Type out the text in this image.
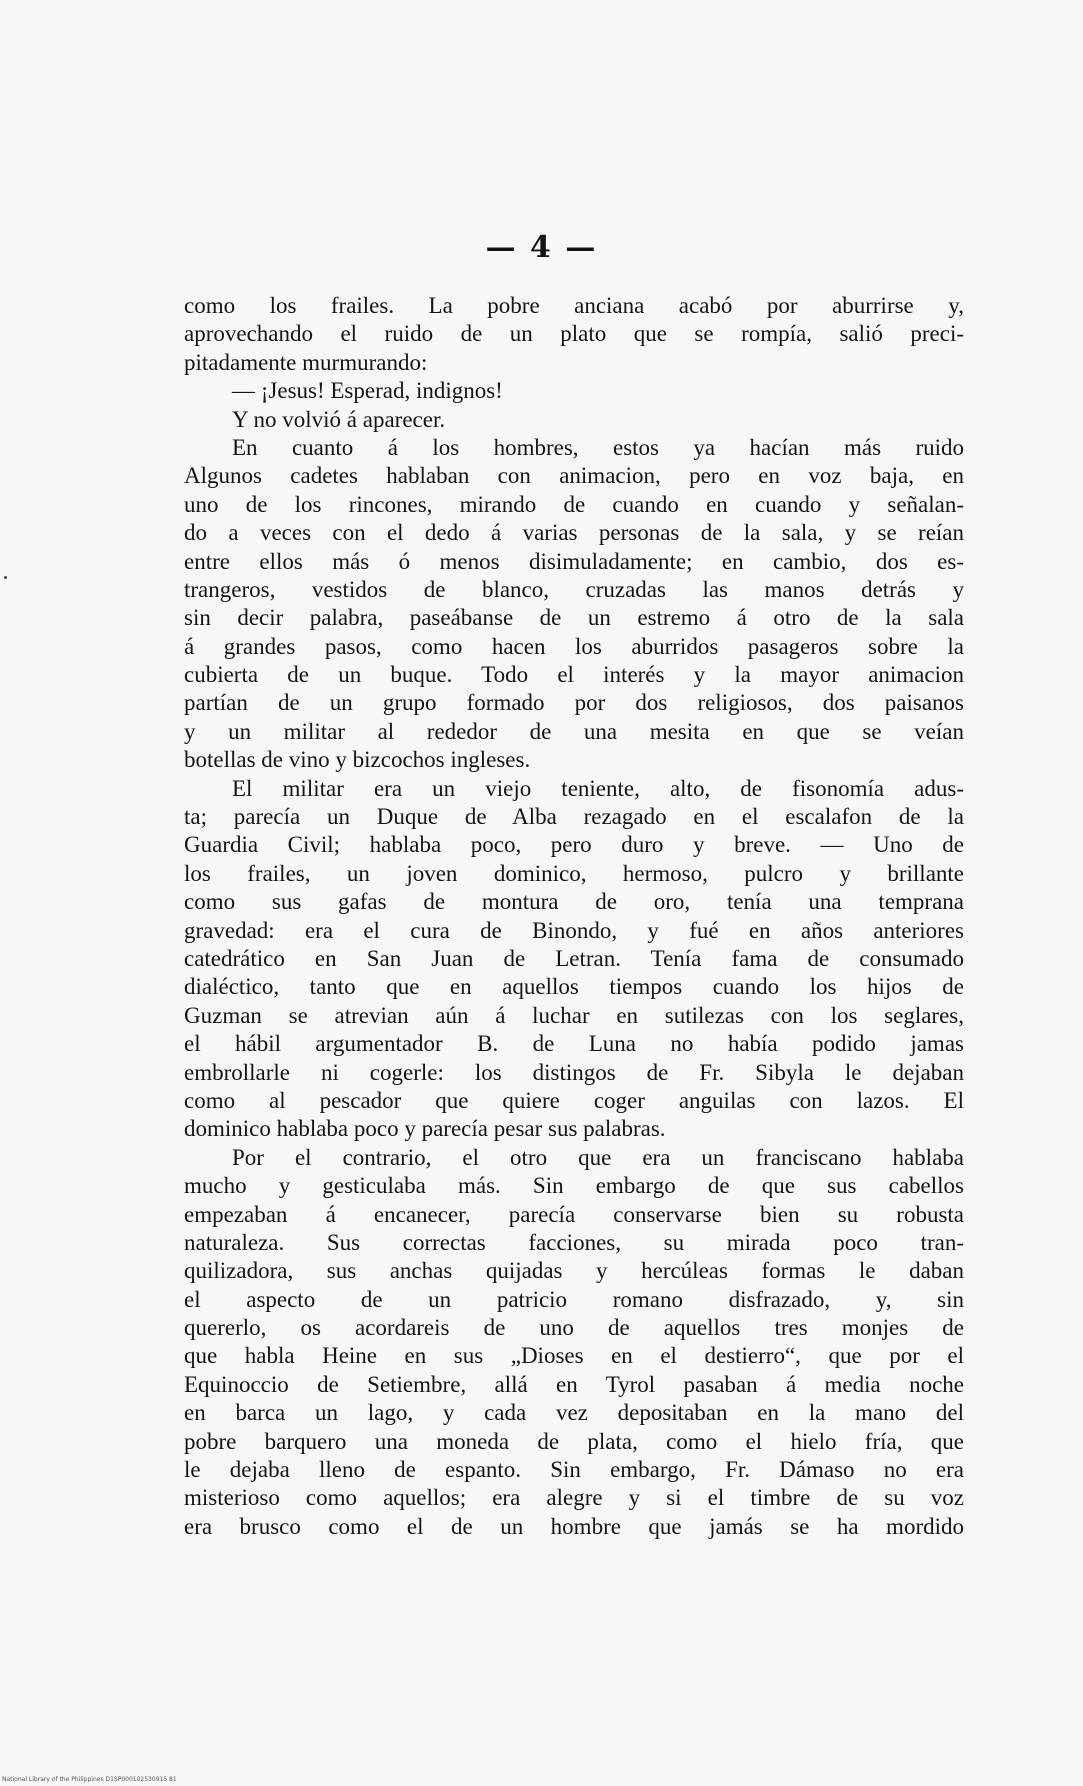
— 4 —
como los frailes. La pobre anciana acabó por aburrirse y,
aprovechando el ruido de un plato que se rompía, salió preci-
pitadamente murmurando:
— ¡Jesus! Esperad, indignos!
Y no volvió á aparecer.
En cuanto á los hombres, estos ya hacían más ruido
Algunos cadetes hablaban con animacion, pero en voz baja, en
uno de los rincones, mirando de cuando en cuando y señalan-
do a veces con el dedo á varias personas de la sala, y se reían
entre ellos más ó menos disimuladamente; en cambio, dos es-
trangeros, vestidos de blanco, cruzadas las manos detrás y
sin decir palabra, paseábanse de un estremo á otro de la sala
á grandes pasos, como hacen los aburridos pasageros sobre la
cubierta de un buque. Todo el interés y la mayor animacion
partían de un grupo formado por dos religiosos, dos paisanos
y un militar al rededor de una mesita en que se veían
botellas de vino y bizcochos ingleses.
El militar era un viejo teniente, alto, de fisonomía adus-
ta; parecía un Duque de Alba rezagado en el escalafon de la
Guardia Civil; hablaba poco, pero duro y breve. — Uno de
los frailes, un joven dominico, hermoso, pulcro y brillante
como sus gafas de montura de oro, tenía una temprana
gravedad: era el cura de Binondo, y fué en años anteriores
catedrático en San Juan de Letran. Tenía fama de consumado
dialéctico, tanto que en aquellos tiempos cuando los hijos de
Guzman se atrevian aún á luchar en sutilezas con los seglares,
el hábil argumentador B. de Luna no había podido jamas
embrollarle ni cogerle: los distingos de Fr. Sibyla le dejaban
como al pescador que quiere coger anguilas con lazos. El
dominico hablaba poco y parecía pesar sus palabras.
Por el contrario, el otro que era un franciscano hablaba
mucho y gesticulaba más. Sin embargo de que sus cabellos
empezaban á encanecer, parecía conservarse bien su robusta
naturaleza. Sus correctas facciones, su mirada poco tran-
quilizadora, sus anchas quijadas y hercúleas formas le daban
el aspecto de un patricio romano disfrazado, y, sin
quererlo, os acordareis de uno de aquellos tres monjes de
que habla Heine en sus „Dioses en el destierro“, que por el
Equinoccio de Setiembre, allá en Tyrol pasaban á media noche
en barca un lago, y cada vez depositaban en la mano del
pobre barquero una moneda de plata, como el hielo fría, que
le dejaba lleno de espanto. Sin embargo, Fr. Dámaso no era
misterioso como aquellos; era alegre y si el timbre de su voz
era brusco como el de un hombre que jamás se ha mordido
National Library of the Philippines D1SP000102530915 81
